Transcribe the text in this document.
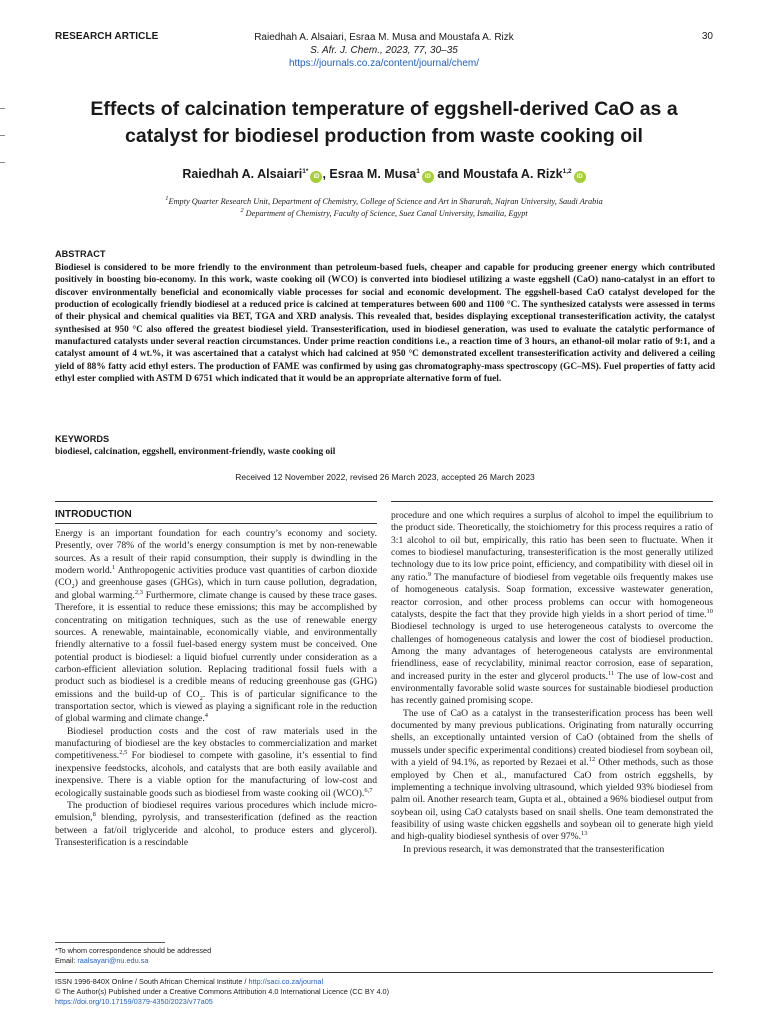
RESEARCH ARTICLE	Raiedhah A. Alsaiari, Esraa M. Musa and Moustafa A. Rizk
S. Afr. J. Chem., 2023, 77, 30–35
https://journals.co.za/content/journal/chem/
30
Effects of calcination temperature of eggshell-derived CaO as a catalyst for biodiesel production from waste cooking oil
Raiedhah A. Alsaiari$^{1*}$iD , Esraa M. Musa$^1$iD and Moustafa A. Rizk$^{1,2}$iD
$^1$Empty Quarter Research Unit, Department of Chemistry, College of Science and Art in Sharurah, Najran University, Saudi Arabia
$^2$ Department of Chemistry, Faculty of Science, Suez Canal University, Ismailia, Egypt
ABSTRACT
Biodiesel is considered to be more friendly to the environment than petroleum-based fuels, cheaper and capable for producing greener energy which contributed positively in boosting bio-economy. In this work, waste cooking oil (WCO) is converted into biodiesel utilizing a waste eggshell (CaO) nano-catalyst in an effort to discover environmentally beneficial and economically viable processes for social and economic development. The eggshell-based CaO catalyst developed for the production of ecologically friendly biodiesel at a reduced price is calcined at temperatures between 600 and 1100 °C. The synthesized catalysts were assessed in terms of their physical and chemical qualities via BET, TGA and XRD analysis. This revealed that, besides displaying exceptional transesterification activity, the catalyst synthesised at 950 °C also offered the greatest biodiesel yield. Transesterification, used in biodiesel generation, was used to evaluate the catalytic performance of manufactured catalysts under several reaction circumstances. Under prime reaction conditions i.e., a reaction time of 3 hours, an ethanol-oil molar ratio of 9:1, and a catalyst amount of 4 wt.%, it was ascertained that a catalyst which had calcined at 950 °C demonstrated excellent transesterification activity and delivered a ceiling yield of 88% fatty acid ethyl esters. The production of FAME was confirmed by using gas chromatography-mass spectroscopy (GC–MS). Fuel properties of fatty acid ethyl ester complied with ASTM D 6751 which indicated that it would be an appropriate alternative form of fuel.
KEYWORDS
biodiesel, calcination, eggshell, environment-friendly, waste cooking oil
Received 12 November 2022, revised 26 March 2023, accepted 26 March 2023
INTRODUCTION

Energy is an important foundation for each country’s economy and society. Presently, over 78% of the world’s energy consumption is met by non-renewable sources. As a result of their rapid consumption, their supply is dwindling in the modern world.$^1$ Anthropogenic activities produce vast quantities of carbon dioxide $(CO_2)$ and greenhouse gases (GHGs), which in turn cause pollution, degradation, and global warming.$^{2,3}$ Furthermore, climate change is caused by these trace gases. Therefore, it is essential to reduce these emissions; this may be accomplished by concentrating on mitigation techniques, such as the use of renewable energy sources. A renewable, maintainable, economically viable, and environmentally friendly alternative to a fossil fuel-based energy system must be conceived. One potential product is biodiesel: a liquid biofuel currently under consideration as a carbon-efficient alleviation solution. Replacing traditional fossil fuels with a product such as biodiesel is a credible means of reducing greenhouse gas (GHG) emissions and the build-up of $CO_2$. This is of particular significance to the transportation sector, which is viewed as playing a significant role in the reduction of global warming and climate change.$^4$

Biodiesel production costs and the cost of raw materials used in the manufacturing of biodiesel are the key obstacles to commercialization and market competitiveness.$^{2,5}$ For biodiesel to compete with gasoline, it’s essential to find inexpensive feedstocks, alcohols, and catalysts that are both easily available and inexpensive. There is a viable option for the manufacturing of low-cost and ecologically sustainable goods such as biodiesel from waste cooking oil (WCO).$^{6,7}$

The production of biodiesel requires various procedures which include micro-emulsion,$^8$ blending, pyrolysis, and transesterification (defined as the reaction between a fat/oil triglyceride and alcohol, to produce esters and glycerol). Transesterification is a rescindable

procedure and one which requires a surplus of alcohol to impel the equilibrium to the product side. Theoretically, the stoichiometry for this process requires a ratio of 3:1 alcohol to oil but, empirically, this ratio has been seen to fluctuate. When it comes to biodiesel manufacturing, transesterification is the most generally utilized technology due to its low price point, efficiency, and compatibility with diesel oil in any ratio.$^9$ The manufacture of biodiesel from vegetable oils frequently makes use of homogeneous catalysis. Soap formation, excessive wastewater generation, reactor corrosion, and other process problems can occur with homogeneous catalysts, despite the fact that they provide high yields in a short period of time.$^{10}$ Biodiesel technology is urged to use heterogeneous catalysts to overcome the challenges of homogeneous catalysis and lower the cost of biodiesel production. Among the many advantages of heterogeneous catalysts are environmental friendliness, ease of recyclability, minimal reactor corrosion, ease of separation, and increased purity in the ester and glycerol products.$^{11}$ The use of low-cost and environmentally favorable solid waste sources for sustainable biodiesel production has recently gained promising scope.

The use of CaO as a catalyst in the transesterification process has been well documented by many previous publications. Originating from naturally occurring shells, an exceptionally untainted version of CaO (obtained from the shells of mussels under specific experimental conditions) created biodiesel from soybean oil, with a yield of 94.1%, as reported by Rezaei et al.$^{12}$ Other methods, such as those employed by Chen et al., manufactured CaO from ostrich eggshells, by implementing a technique involving ultrasound, which yielded 93% biodiesel from palm oil. Another research team, Gupta et al., obtained a 96% biodiesel output from soybean oil, using CaO catalysts based on snail shells. One team demonstrated the feasibility of using waste chicken eggshells and soybean oil to generate high yield and high-quality biodiesel synthesis of over 97%.$^{13}$

In previous research, it was demonstrated that the transesterification

*To whom correspondence should be addressed
Email: raalsayari@nu.edu.sa
ISSN 1996-840X Online / South African Chemical Institute / http://saci.co.za/journal
© The Author(s) Published under a Creative Commons Attribution 4.0 International Licence (CC BY 4.0)
https://doi.org/10.17159/0379-4350/2023/v77a05
